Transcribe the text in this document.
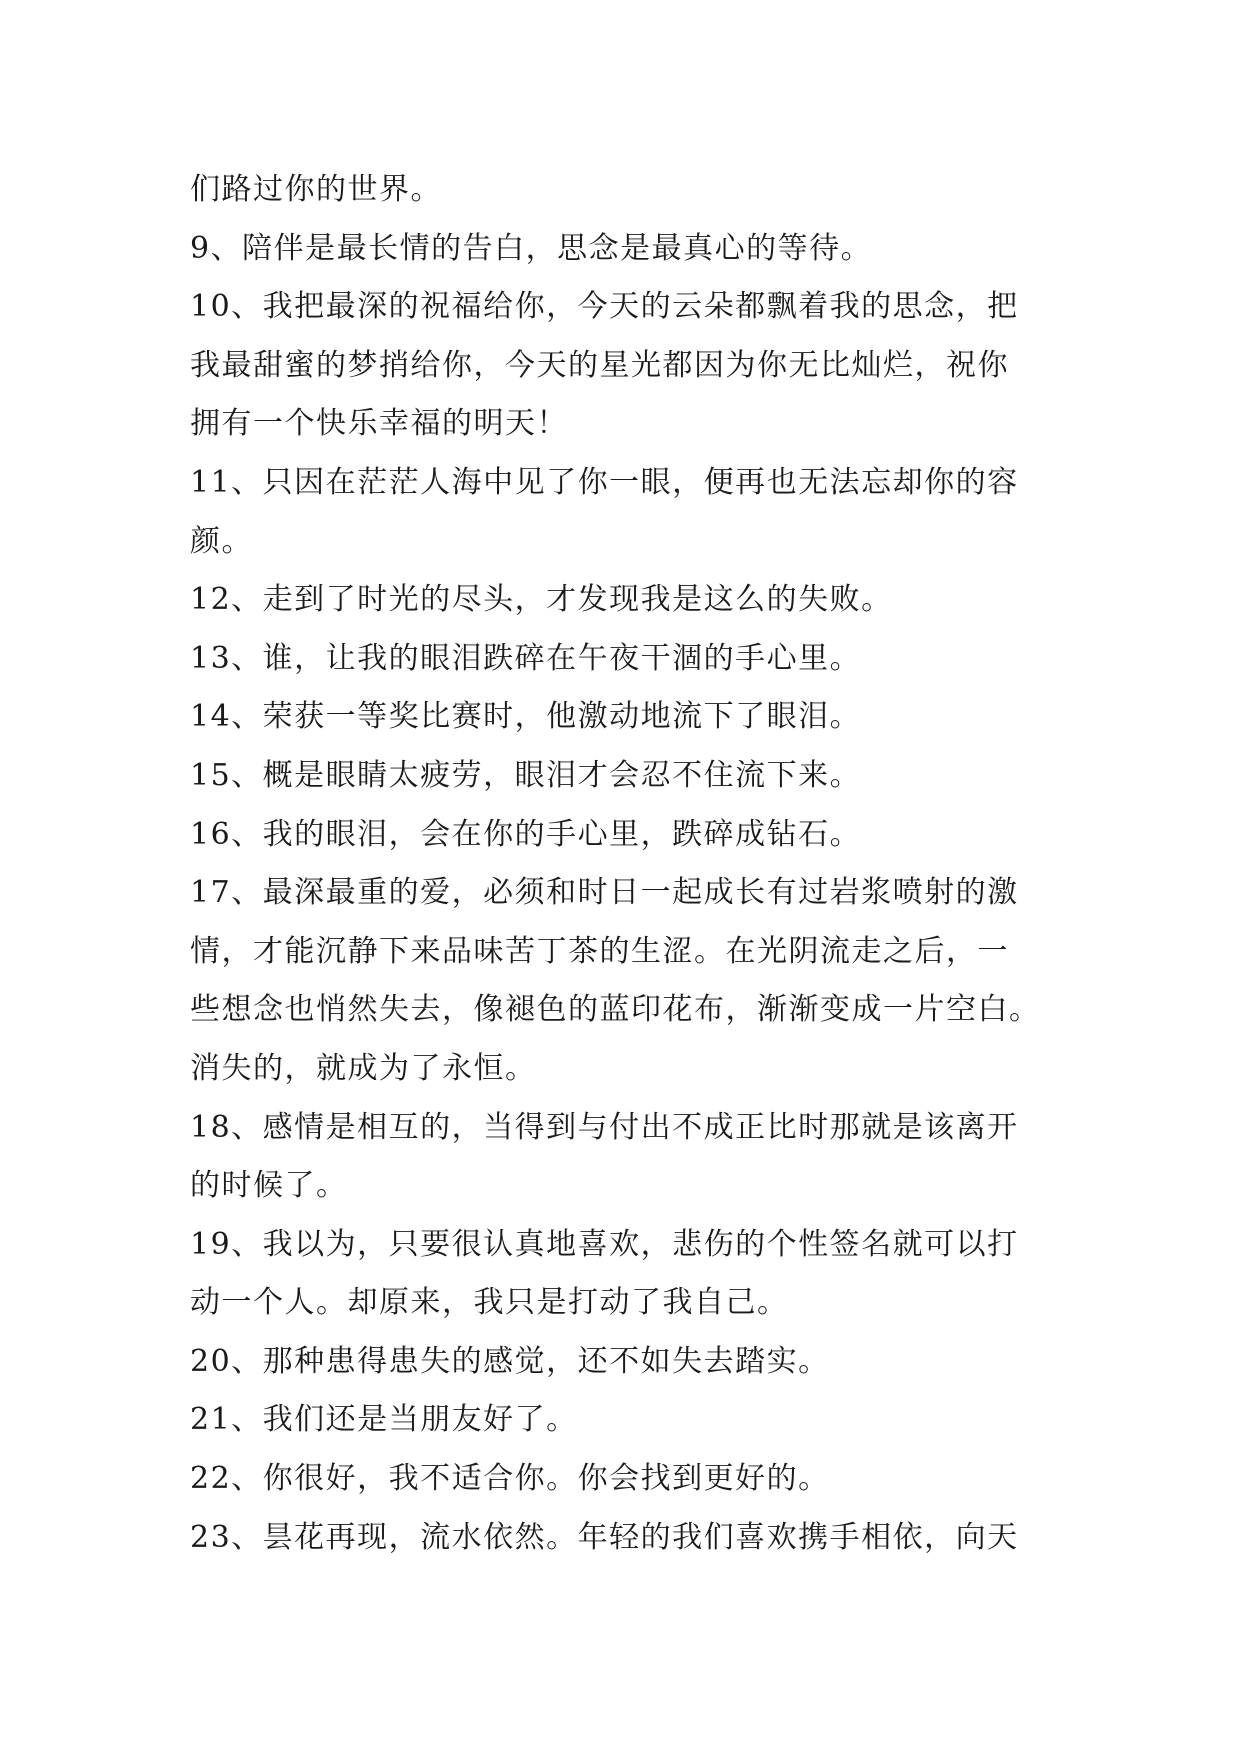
们路过你的世界。
9、陪伴是最长情的告白，思念是最真心的等待。
10、我把最深的祝福给你，今天的云朵都飘着我的思念，把
我最甜蜜的梦捎给你，今天的星光都因为你无比灿烂，祝你
拥有一个快乐幸福的明天！
11、只因在茫茫人海中见了你一眼，便再也无法忘却你的容
颜。
12、走到了时光的尽头，才发现我是这么的失败。
13、谁，让我的眼泪跌碎在午夜干涸的手心里。
14、荣获一等奖比赛时，他激动地流下了眼泪。
15、概是眼睛太疲劳，眼泪才会忍不住流下来。
16、我的眼泪，会在你的手心里，跌碎成钻石。
17、最深最重的爱，必须和时日一起成长有过岩浆喷射的激
情，才能沉静下来品味苦丁茶的生涩。在光阴流走之后，一
些想念也悄然失去，像褪色的蓝印花布，渐渐变成一片空白。
消失的，就成为了永恒。
18、感情是相互的，当得到与付出不成正比时那就是该离开
的时候了。
19、我以为，只要很认真地喜欢，悲伤的个性签名就可以打
动一个人。却原来，我只是打动了我自己。
20、那种患得患失的感觉，还不如失去踏实。
21、我们还是当朋友好了。
22、你很好，我不适合你。你会找到更好的。
23、昙花再现，流水依然。年轻的我们喜欢携手相依，向天
